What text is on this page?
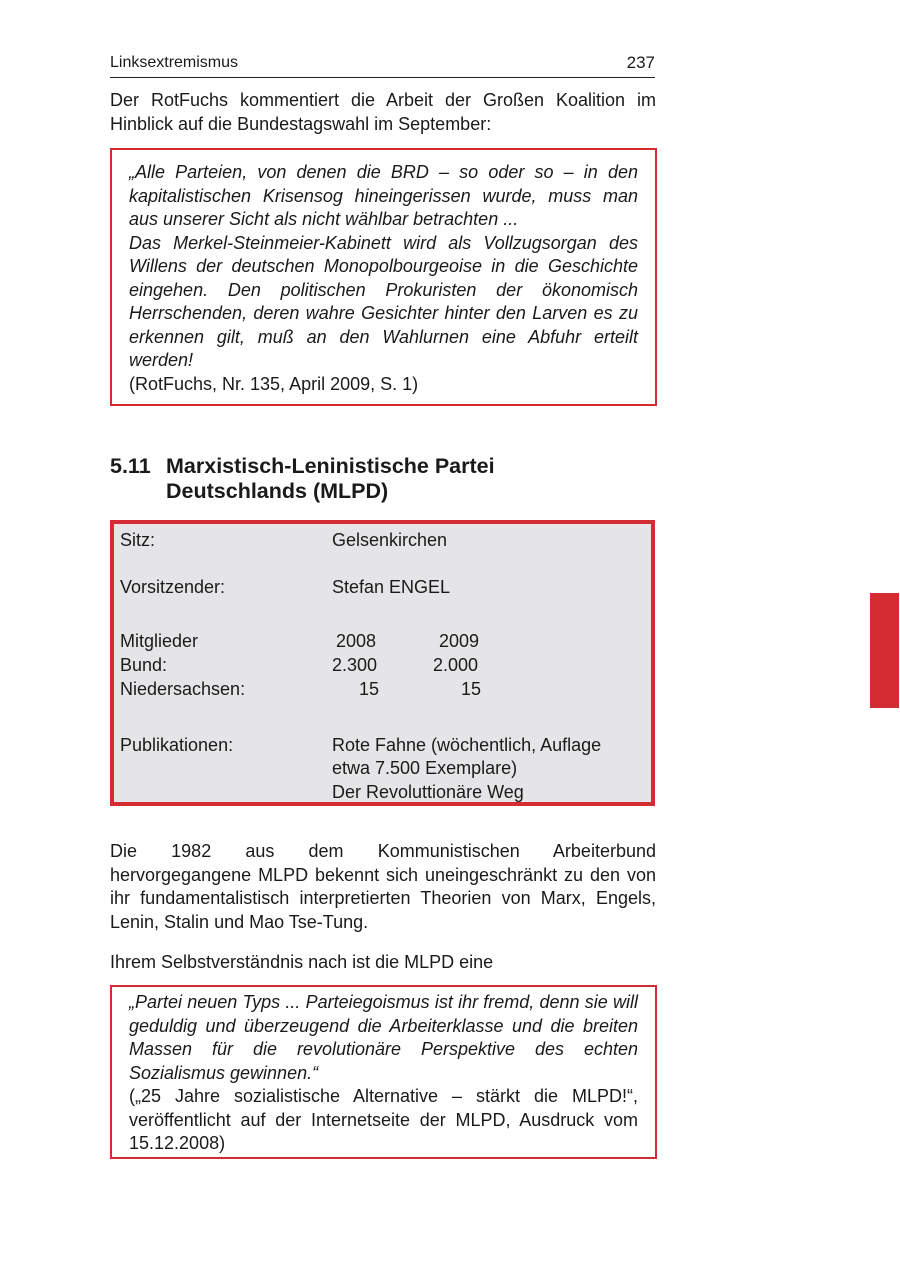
Linksextremismus	237
Der RotFuchs kommentiert die Arbeit der Großen Koalition im Hinblick auf die Bundestagswahl im September:
„Alle Parteien, von denen die BRD – so oder so – in den kapitalistischen Krisensog hineingerissen wurde, muss man aus unserer Sicht als nicht wählbar betrachten ...
Das Merkel-Steinmeier-Kabinett wird als Vollzugsorgan des Willens der deutschen Monopolbourgeoise in die Geschichte eingehen. Den politischen Prokuristen der ökonomisch Herrschenden, deren wahre Gesichter hinter den Larven es zu erkennen gilt, muß an den Wahlurnen eine Abfuhr erteilt werden!
(RotFuchs, Nr. 135, April 2009, S. 1)
5.11 Marxistisch-Leninistische Partei
Deutschlands (MLPD)
Sitz:	Gelsenkirchen
Vorsitzender:	Stefan ENGEL
Mitglieder	2008	2009
Bund:	2.300	2.000
Niedersachsen:	15	15
Publikationen:	Rote Fahne (wöchentlich, Auflage
etwa 7.500 Exemplare)
Der Revoluttionäre Weg
Die 1982 aus dem Kommunistischen Arbeiterbund hervorgegangene MLPD bekennt sich uneingeschränkt zu den von ihr fundamentalistisch interpretierten Theorien von Marx, Engels, Lenin, Stalin und Mao Tse-Tung.
Ihrem Selbstverständnis nach ist die MLPD eine
„Partei neuen Typs ... Parteiegoismus ist ihr fremd, denn sie will geduldig und überzeugend die Arbeiterklasse und die breiten Massen für die revolutionäre Perspektive des echten Sozialismus gewinnen.“
(„25 Jahre sozialistische Alternative – stärkt die MLPD!“, veröffentlicht auf der Internetseite der MLPD, Ausdruck vom 15.12.2008)
